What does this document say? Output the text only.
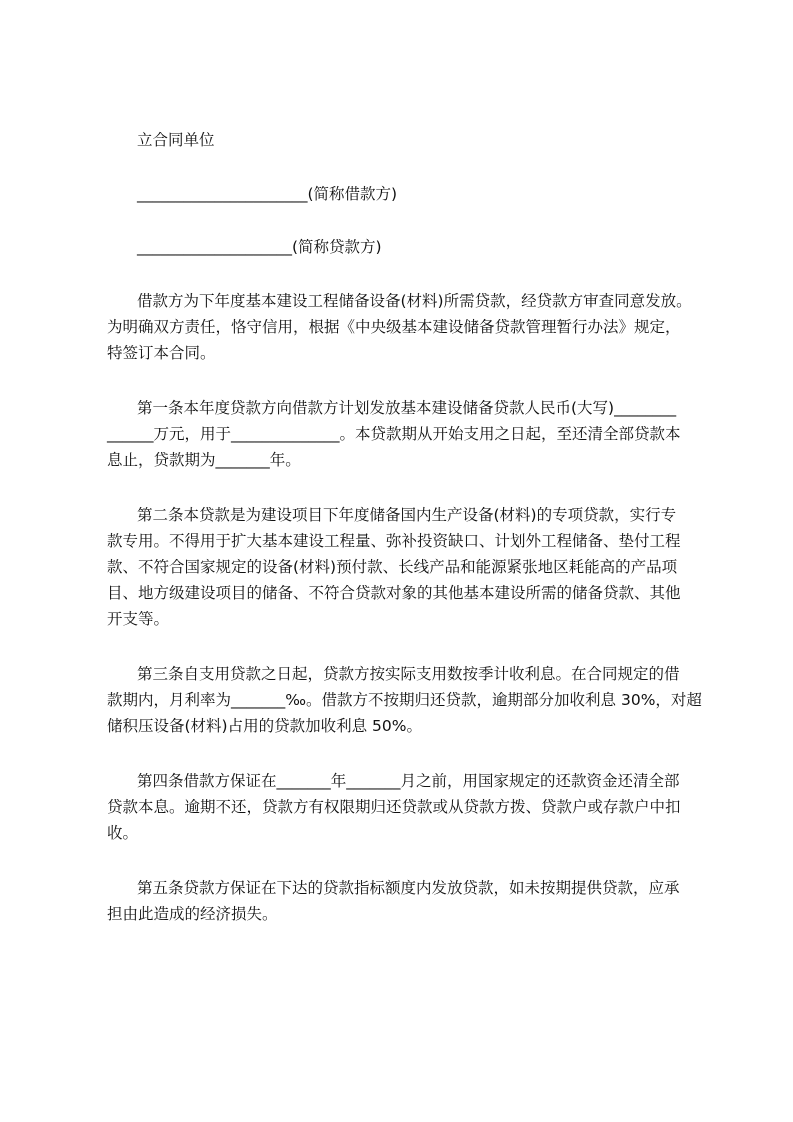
立合同单位
______________________(简称借款方)
____________________(简称贷款方)
借款方为下年度基本建设工程储备设备(材料)所需贷款，经贷款方审查同意发放。
为明确双方责任，恪守信用，根据《中央级基本建设储备贷款管理暂行办法》规定，
特签订本合同。
第一条本年度贷款方向借款方计划发放基本建设储备贷款人民币(大写)________
______万元，用于______________。本贷款期从开始支用之日起，至还清全部贷款本
息止，贷款期为_______年。
第二条本贷款是为建设项目下年度储备国内生产设备(材料)的专项贷款，实行专
款专用。不得用于扩大基本建设工程量、弥补投资缺口、计划外工程储备、垫付工程
款、不符合国家规定的设备(材料)预付款、长线产品和能源紧张地区耗能高的产品项
目、地方级建设项目的储备、不符合贷款对象的其他基本建设所需的储备贷款、其他
开支等。
第三条自支用贷款之日起，贷款方按实际支用数按季计收利息。在合同规定的借
款期内，月利率为_______‰。借款方不按期归还贷款，逾期部分加收利息 30%，对超
储积压设备(材料)占用的贷款加收利息 50%。
第四条借款方保证在_______年_______月之前，用国家规定的还款资金还清全部
贷款本息。逾期不还，贷款方有权限期归还贷款或从贷款方拨、贷款户或存款户中扣
收。
第五条贷款方保证在下达的贷款指标额度内发放贷款，如未按期提供贷款，应承
担由此造成的经济损失。
